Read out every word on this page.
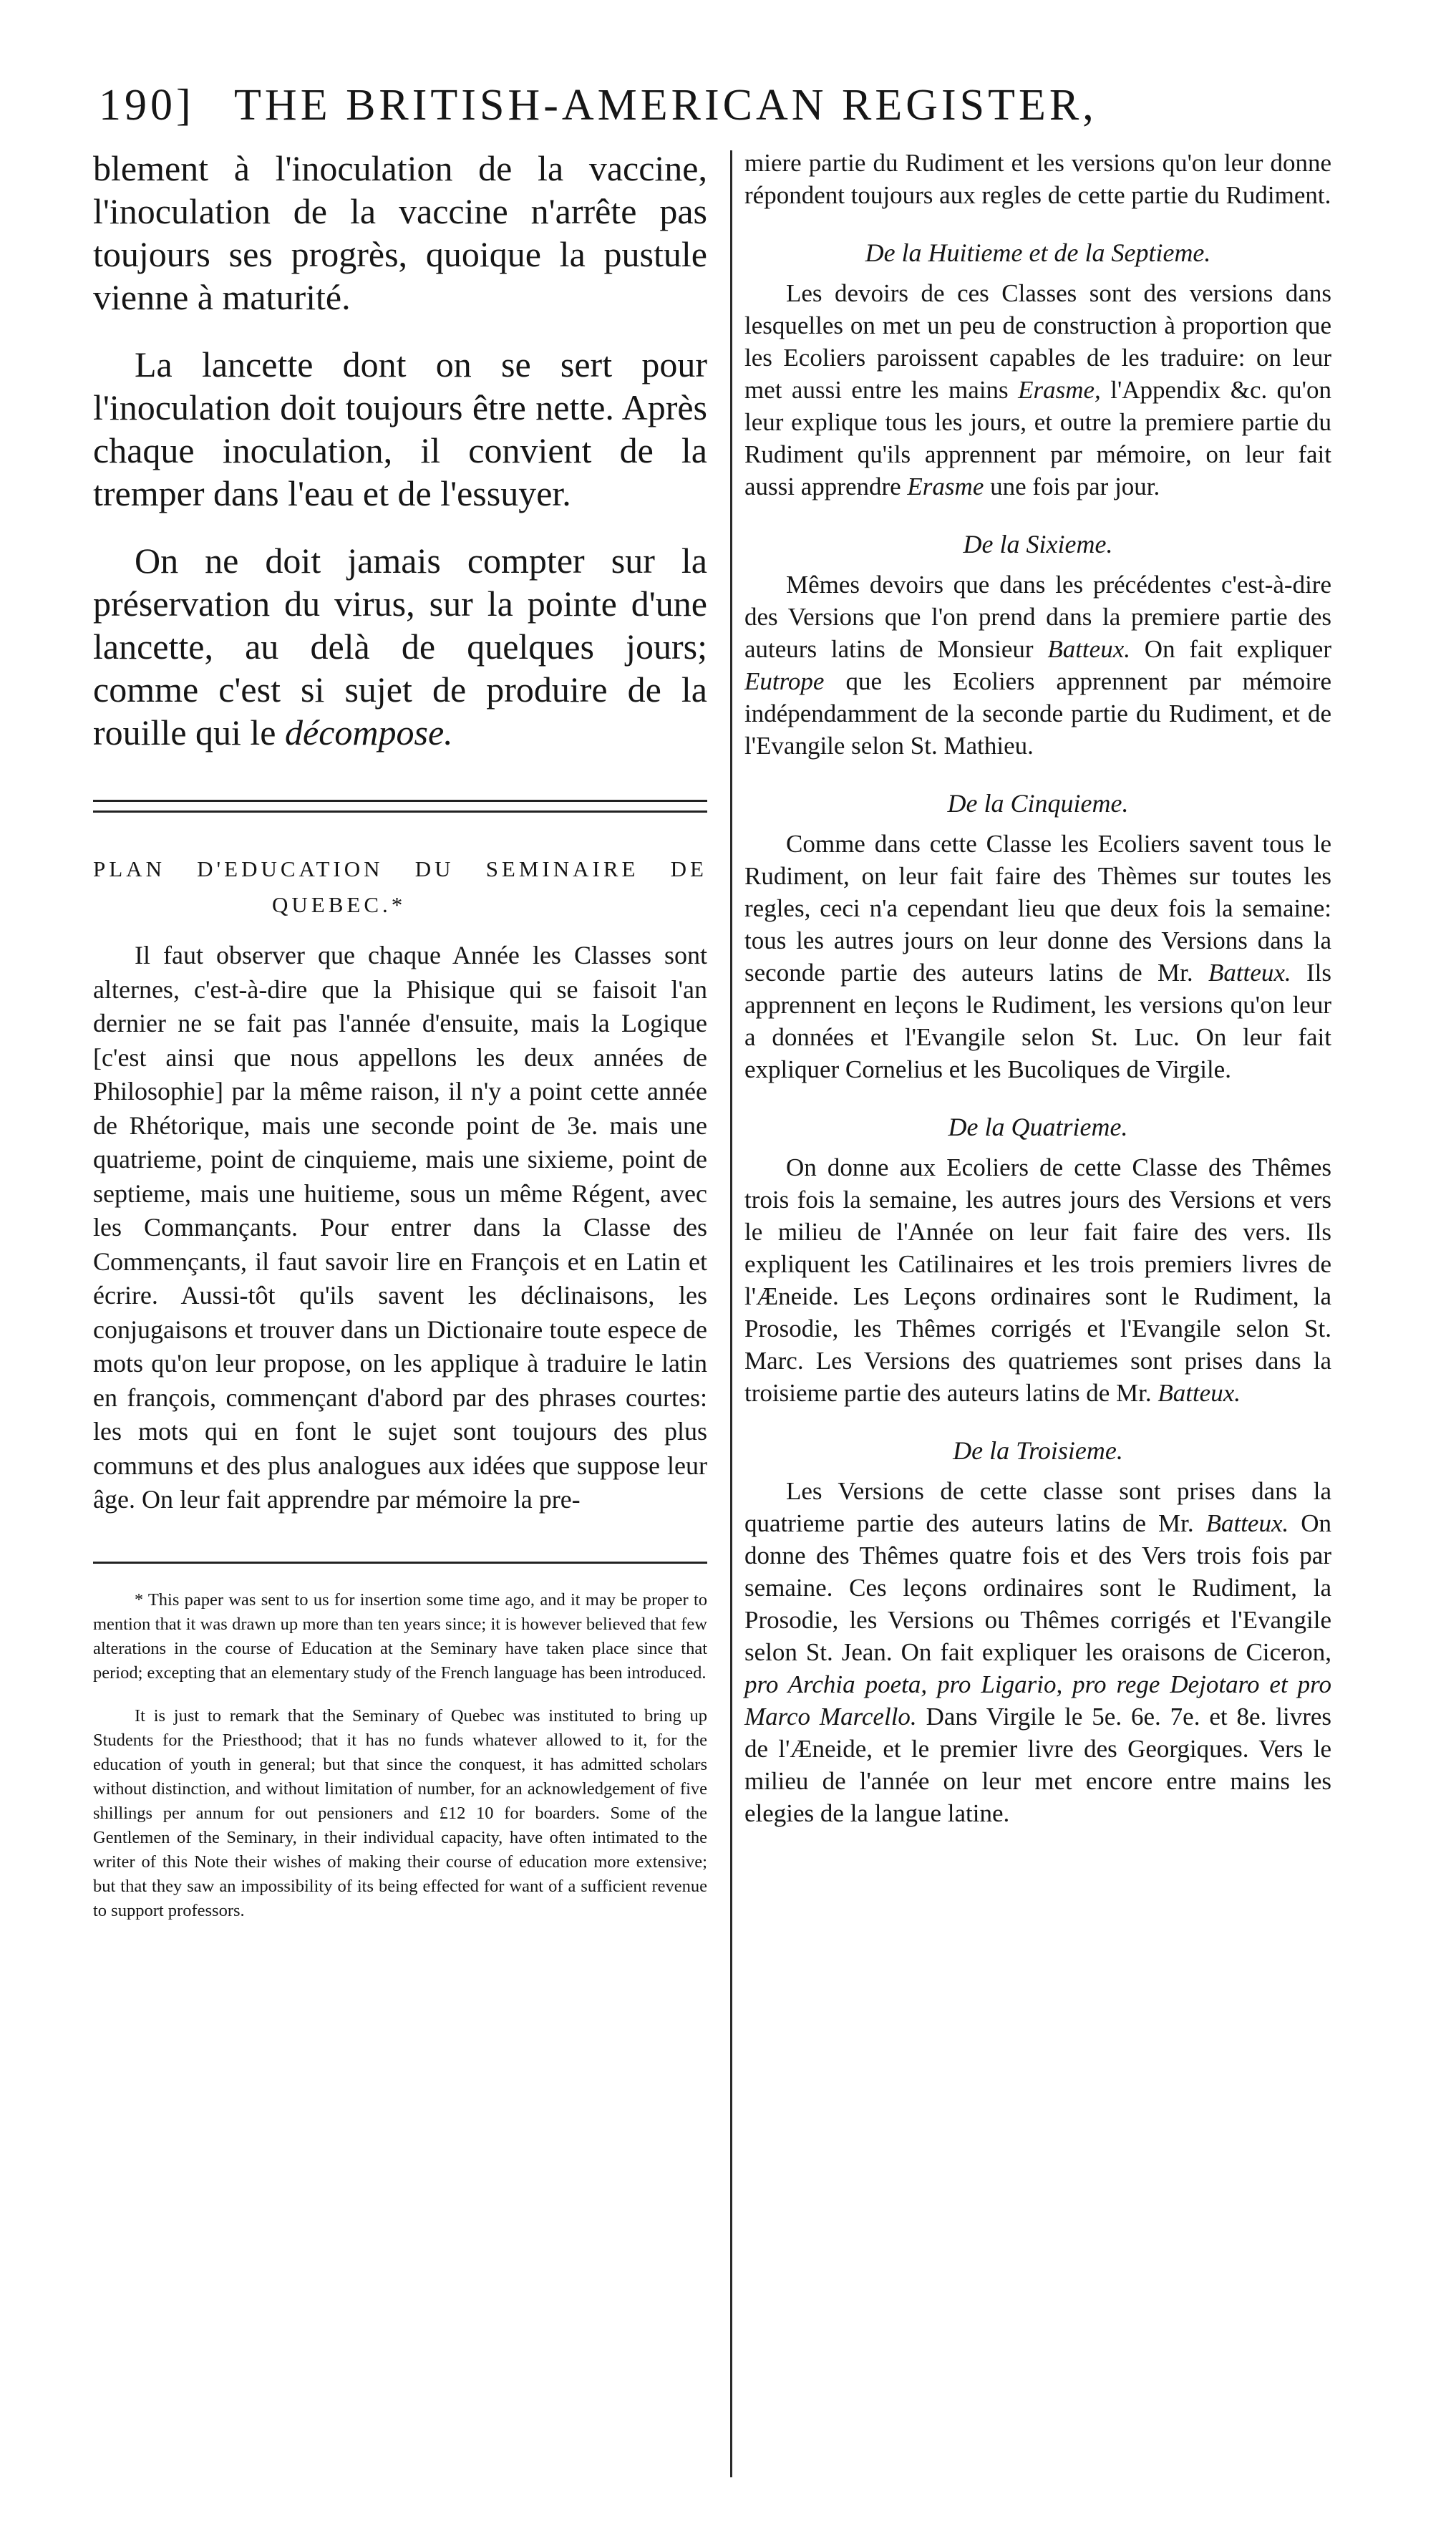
190] THE BRITISH-AMERICAN REGISTER,

blement à l'inoculation de la vaccine, l'inoculation de la vaccine n'arrête pas toujours ses progrès, quoique la pustule vienne à maturité.

La lancette dont on se sert pour l'inoculation doit toujours être nette. Après chaque inoculation, il convient de la tremper dans l'eau et de l'essuyer.

On ne doit jamais compter sur la préservation du virus, sur la pointe d'une lancette, au delà de quelques jours; comme c'est si sujet de produire de la rouille qui le décompose.

PLAN D'EDUCATION DU SEMINAIRE DE
QUEBEC.*

Il faut observer que chaque Année les Classes sont alternes, c'est-à-dire que la Phisique qui se faisoit l'an dernier ne se fait pas l'année d'ensuite, mais la Logique [c'est ainsi que nous appellons les deux années de Philosophie] par la même raison, il n'y a point cette année de Rhétorique, mais une seconde point de 3e. mais une quatrieme, point de cinquieme, mais une sixieme, point de septieme, mais une huitieme, sous un même Régent, avec les Commançants. Pour entrer dans la Classe des Commençants, il faut savoir lire en François et en Latin et écrire. Aussi-tôt qu'ils savent les déclinaisons, les conjugaisons et trouver dans un Dictionaire toute espece de mots qu'on leur propose, on les applique à traduire le latin en françois, commençant d'abord par des phrases courtes: les mots qui en font le sujet sont toujours des plus communs et des plus analogues aux idées que suppose leur âge. On leur fait apprendre par mémoire la pre-

* This paper was sent to us for insertion some time ago, and it may be proper to mention that it was drawn up more than ten years since; it is however believed that few alterations in the course of Education at the Seminary have taken place since that period; excepting that an elementary study of the French language has been introduced.

It is just to remark that the Seminary of Quebec was instituted to bring up Students for the Priesthood; that it has no funds whatever allowed to it, for the education of youth in general; but that since the conquest, it has admitted scholars without distinction, and without limitation of number, for an acknowledgement of five shillings per annum for out pensioners and £12 10 for boarders. Some of the Gentlemen of the Seminary, in their individual capacity, have often intimated to the writer of this Note their wishes of making their course of education more extensive; but that they saw an impossibility of its being effected for want of a sufficient revenue to support professors.

miere partie du Rudiment et les versions qu'on leur donne répondent toujours aux regles de cette partie du Rudiment.

De la Huitieme et de la Septieme.

Les devoirs de ces Classes sont des versions dans lesquelles on met un peu de construction à proportion que les Ecoliers paroissent capables de les traduire: on leur met aussi entre les mains Erasme, l'Appendix &c. qu'on leur explique tous les jours, et outre la premiere partie du Rudiment qu'ils apprennent par mémoire, on leur fait aussi apprendre Erasme une fois par jour.

De la Sixieme.

Mêmes devoirs que dans les précédentes c'est-à-dire des Versions que l'on prend dans la premiere partie des auteurs latins de Monsieur Batteux. On fait expliquer Eutrope que les Ecoliers apprennent par mémoire indépendamment de la seconde partie du Rudiment, et de l'Evangile selon St. Mathieu.

De la Cinquieme.

Comme dans cette Classe les Ecoliers savent tous le Rudiment, on leur fait faire des Thèmes sur toutes les regles, ceci n'a cependant lieu que deux fois la semaine: tous les autres jours on leur donne des Versions dans la seconde partie des auteurs latins de Mr. Batteux. Ils apprennent en leçons le Rudiment, les versions qu'on leur a données et l'Evangile selon St. Luc. On leur fait expliquer Cornelius et les Bucoliques de Virgile.

De la Quatrieme.

On donne aux Ecoliers de cette Classe des Thêmes trois fois la semaine, les autres jours des Versions et vers le milieu de l'Année on leur fait faire des vers. Ils expliquent les Catilinaires et les trois premiers livres de l'Æneide. Les Leçons ordinaires sont le Rudiment, la Prosodie, les Thêmes corrigés et l'Evangile selon St. Marc. Les Versions des quatriemes sont prises dans la troisieme partie des auteurs latins de Mr. Batteux.

De la Troisieme.

Les Versions de cette classe sont prises dans la quatrieme partie des auteurs latins de Mr. Batteux. On donne des Thêmes quatre fois et des Vers trois fois par semaine. Ces leçons ordinaires sont le Rudiment, la Prosodie, les Versions ou Thêmes corrigés et l'Evangile selon St. Jean. On fait expliquer les oraisons de Ciceron, pro Archia poeta, pro Ligario, pro rege Dejotaro et pro Marco Marcello. Dans Virgile le 5e. 6e. 7e. et 8e. livres de l'Æneide, et le premier livre des Georgiques. Vers le milieu de l'année on leur met encore entre mains les elegies de la langue latine.
